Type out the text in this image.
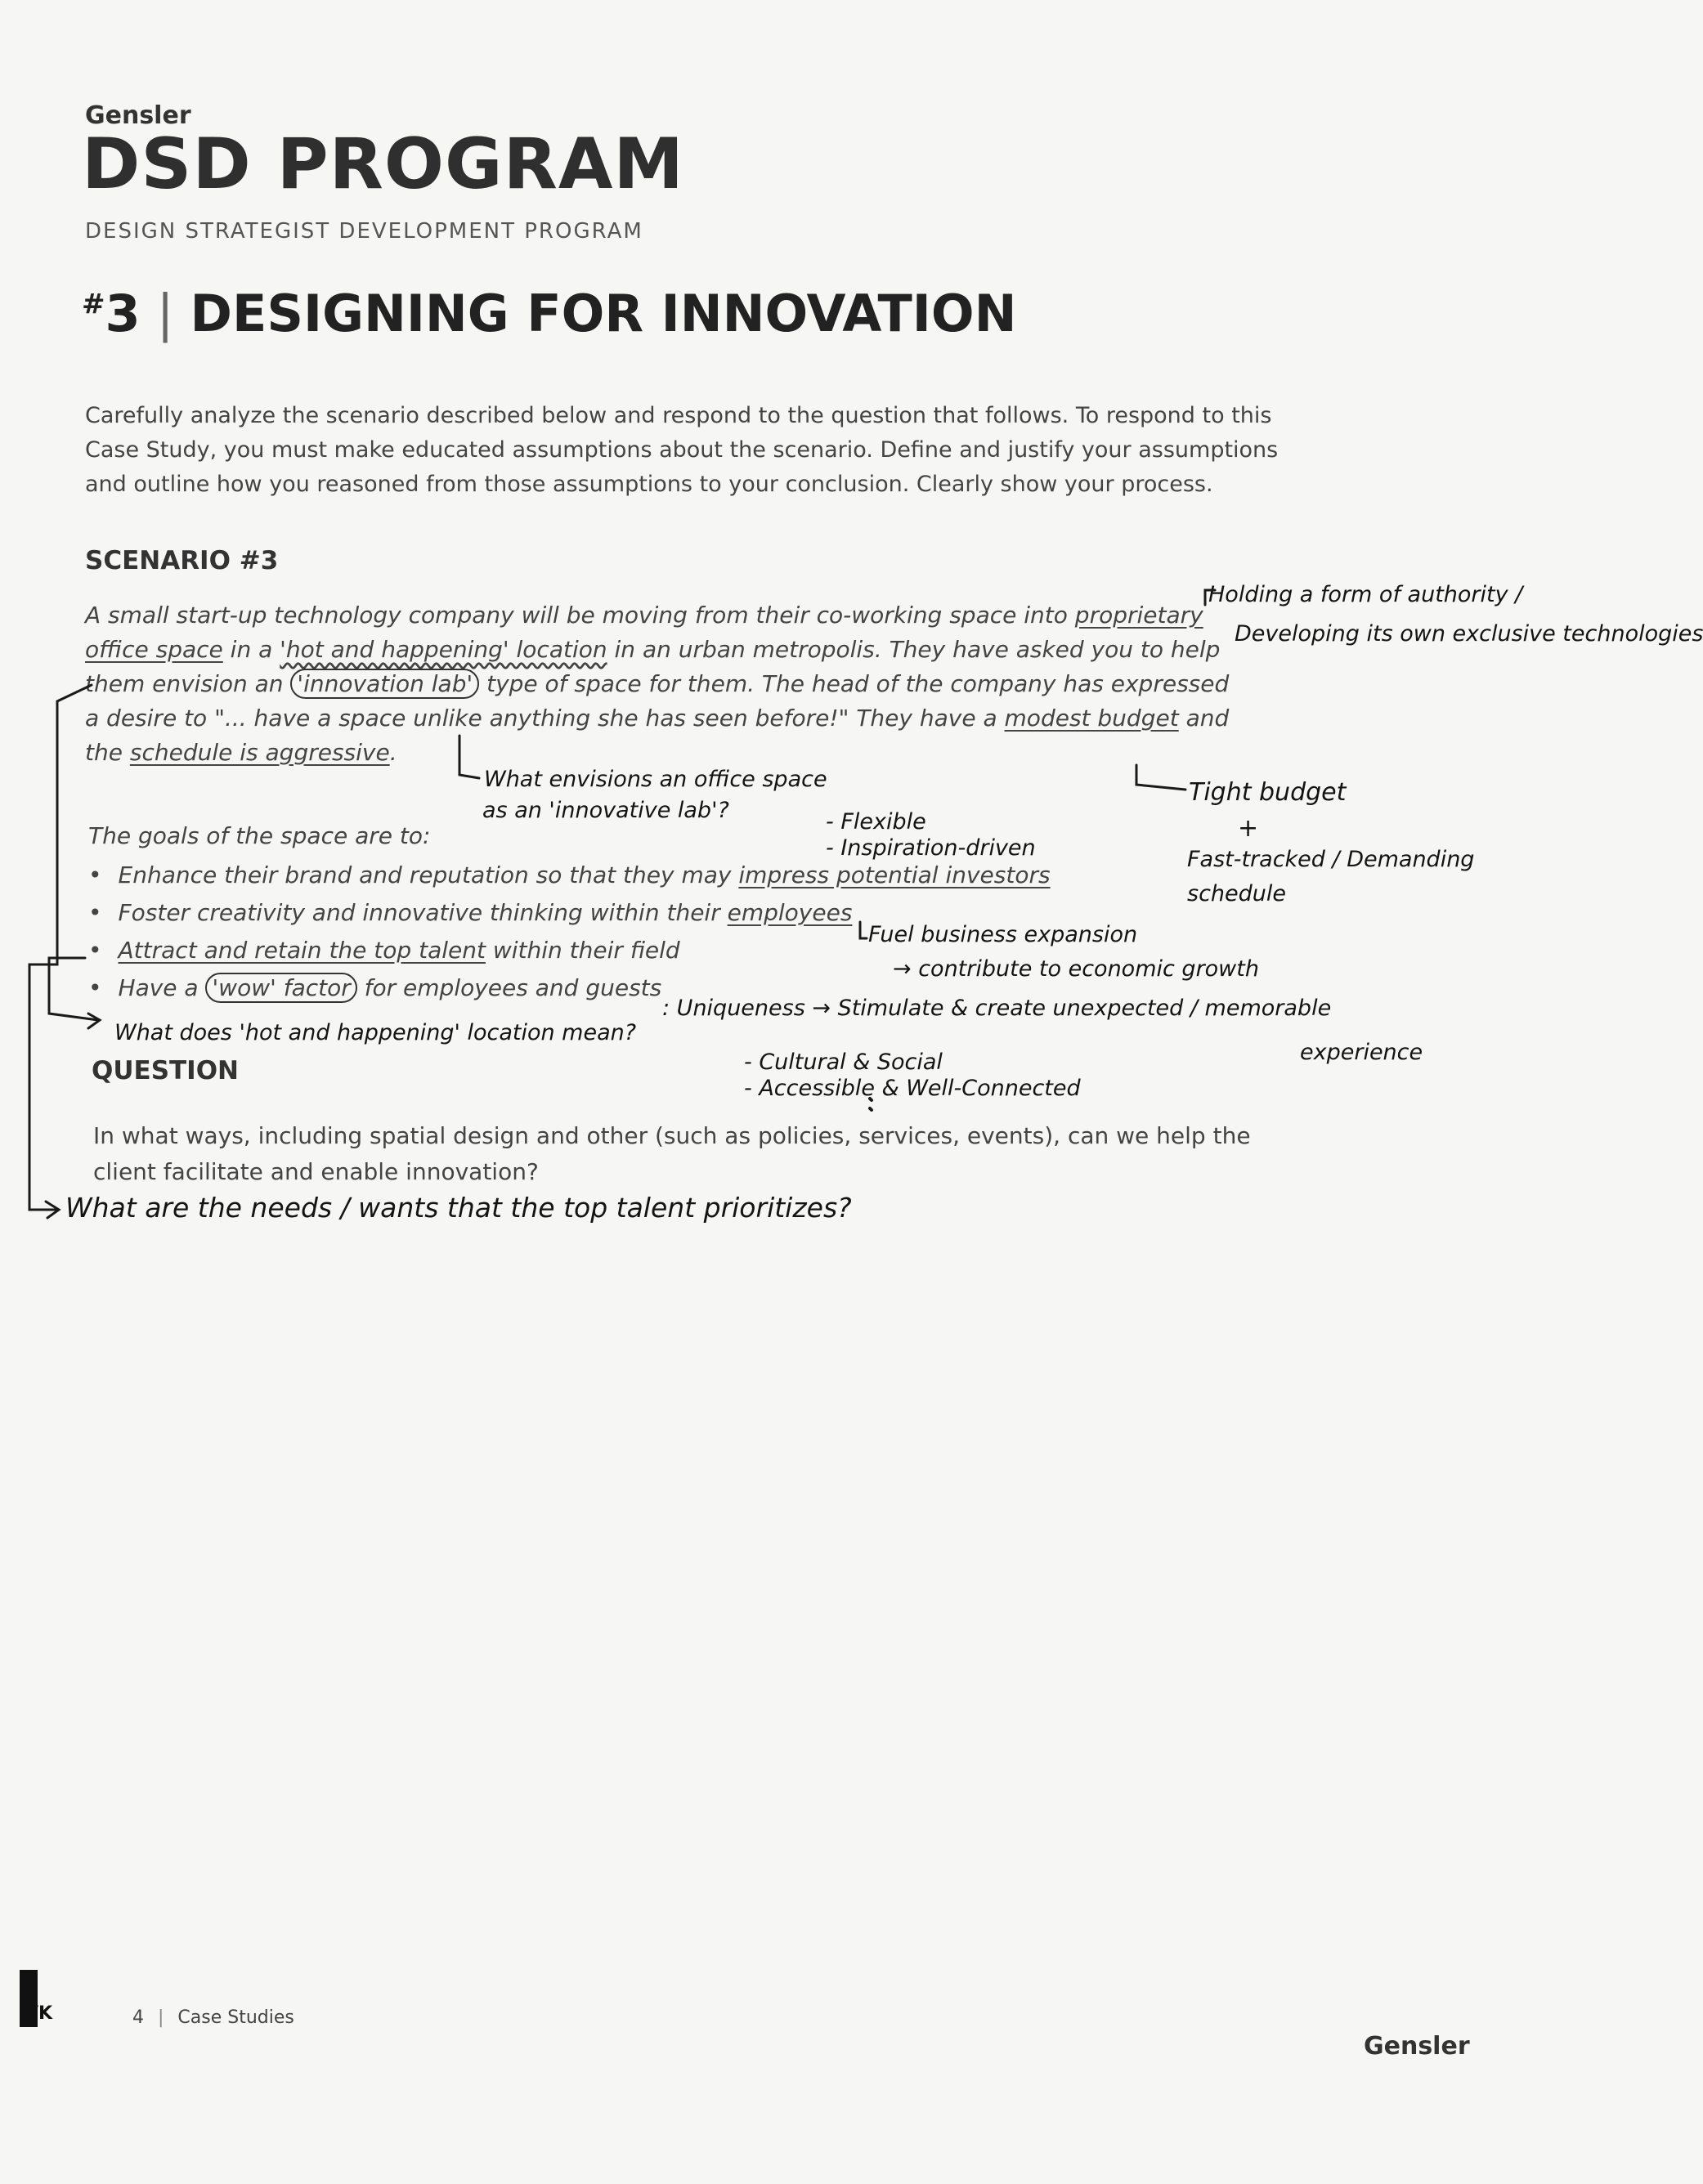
Gensler
DSD PROGRAM
DESIGN STRATEGIST DEVELOPMENT PROGRAM
#3 | DESIGNING FOR INNOVATION
Carefully analyze the scenario described below and respond to the question that follows. To respond to this Case Study, you must make educated assumptions about the scenario. Define and justify your assumptions and outline how you reasoned from those assumptions to your conclusion. Clearly show your process.
SCENARIO #3
A small start-up technology company will be moving from their co-working space into proprietary office space in a 'hot and happening' location in an urban metropolis. They have asked you to help them envision an 'innovation lab' type of space for them. The head of the company has expressed a desire to "... have a space unlike anything she has seen before!" They have a modest budget and the schedule is aggressive.
The goals of the space are to:
• Enhance their brand and reputation so that they may impress potential investors
• Foster creativity and innovative thinking within their employees
• Attract and retain the top talent within their field
• Have a 'wow' factor for employees and guests
QUESTION
In what ways, including spatial design and other (such as policies, services, events), can we help the client facilitate and enable innovation?
Holding a form of authority /
Developing its own exclusive technologies
What envisions an office space
as an 'innovative lab'?	- Flexible
- Inspiration-driven
Tight budget
+
Fast-tracked / Demanding
schedule
Fuel business expansion
→ contribute to economic growth
: Uniqueness → Stimulate & create unexpected / memorable
experience
What does 'hot and happening' location mean?
- Cultural & Social
- Accessible & Well-Connected
What are the needs / wants that the top talent prioritizes?
4 | Case Studies
Gensler
VK
